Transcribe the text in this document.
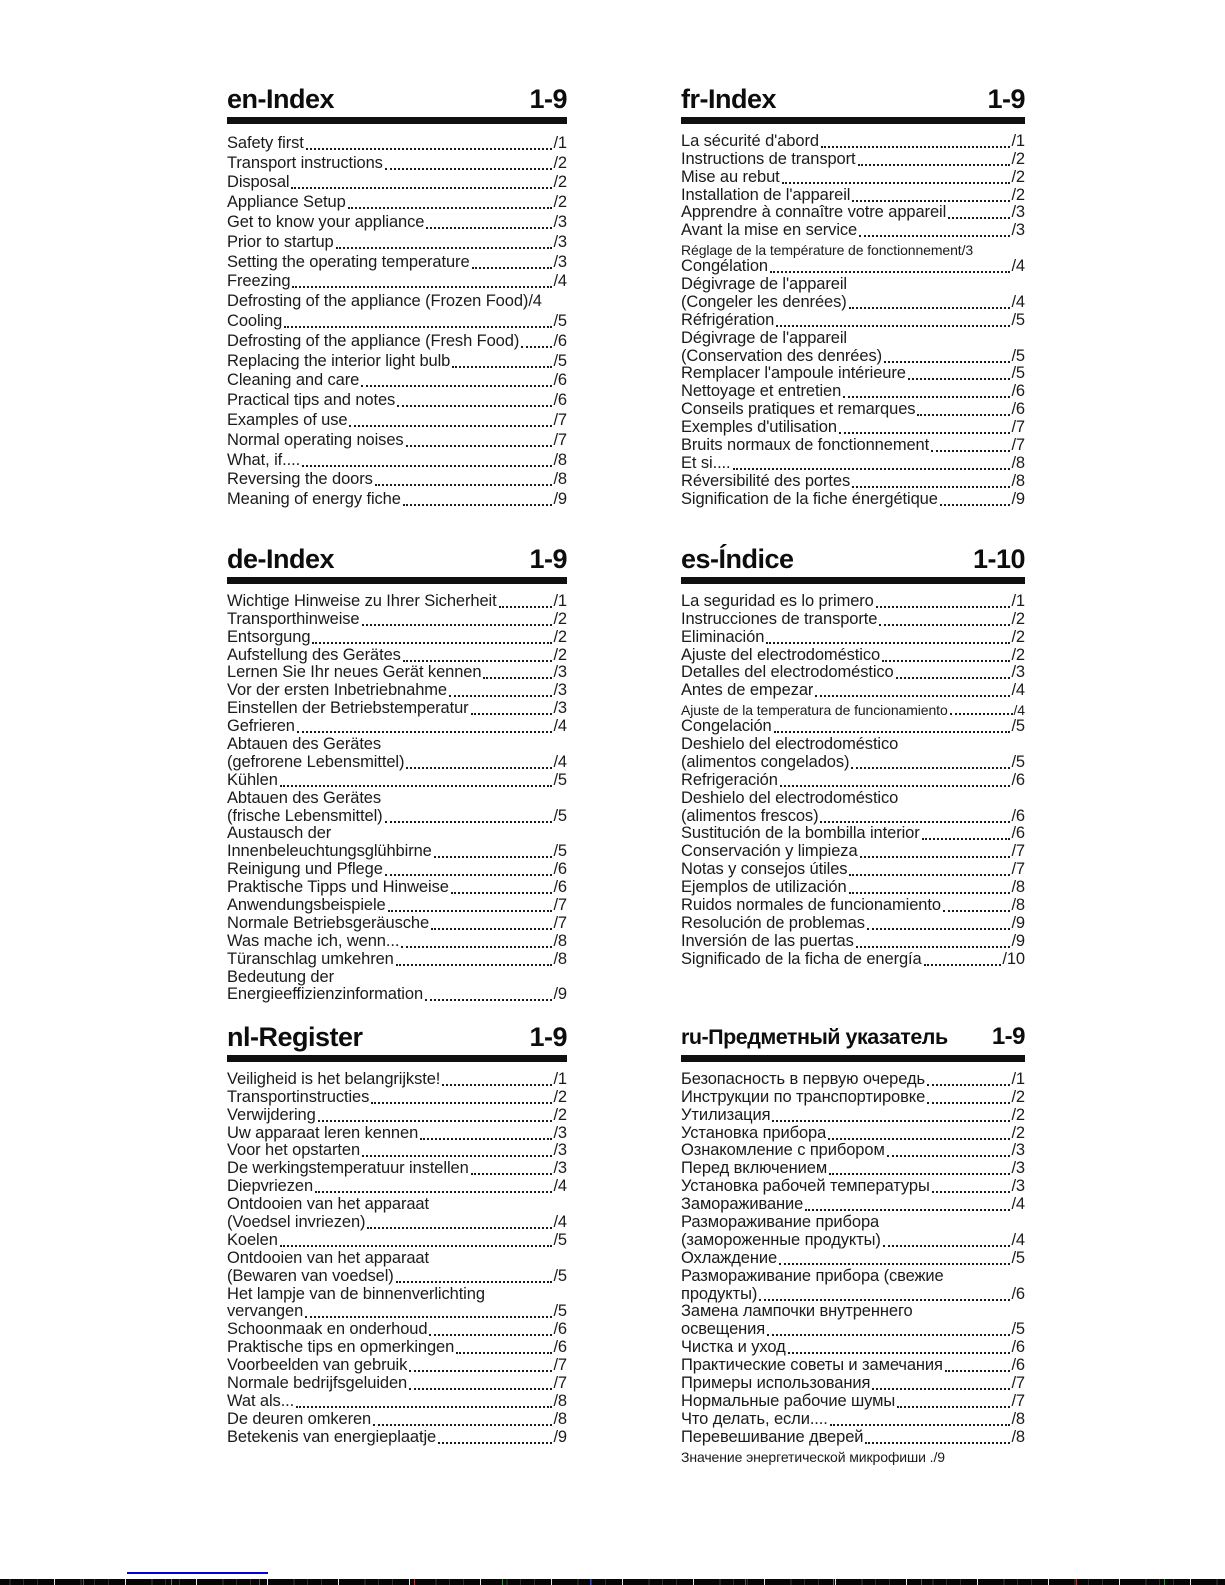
en-Index	1-9
Safety first	/1
Transport instructions	/2
Disposal	/2
Appliance Setup	/2
Get to know your appliance	/3
Prior to startup	/3
Setting the operating temperature	/3
Freezing	/4
Defrosting of the appliance (Frozen Food) /4
Cooling	/5
Defrosting of the appliance (Fresh Food) /6
Replacing the interior light bulb	/5
Cleaning and care	/6
Practical tips and notes	/6
Examples of use	/7
Normal operating noises	/7
What, if....	/8
Reversing the doors	/8
Meaning of energy fiche	/9
fr-Index	1-9
La sécurité d'abord	/1
Instructions de transport	/2
Mise au rebut	/2
Installation de l'appareil	/2
Apprendre à connaître votre appareil	/3
Avant la mise en service	/3
Réglage de la température de fonctionnement /3
Congélation	/4
Dégivrage de l'appareil
(Congeler les denrées)	/4
Réfrigération	/5
Dégivrage de l'appareil
(Conservation des denrées)	/5
Remplacer l'ampoule intérieure	/5
Nettoyage et entretien	/6
Conseils pratiques et remarques	/6
Exemples d'utilisation	/7
Bruits normaux de fonctionnement	/7
Et si....	/8
Réversibilité des portes	/8
Signification de la fiche énergétique	/9
de-Index	1-9
Wichtige Hinweise zu Ihrer Sicherheit	/1
Transporthinweise	/2
Entsorgung	/2
Aufstellung des Gerätes	/2
Lernen Sie Ihr neues Gerät kennen	/3
Vor der ersten Inbetriebnahme	/3
Einstellen der Betriebstemperatur	/3
Gefrieren	/4
Abtauen des Gerätes
(gefrorene Lebensmittel)	/4
Kühlen	/5
Abtauen des Gerätes
(frische Lebensmittel)	/5
Austausch der
Innenbeleuchtungsglühbirne	/5
Reinigung und Pflege	/6
Praktische Tipps und Hinweise	/6
Anwendungsbeispiele	/7
Normale Betriebsgeräusche	/7
Was mache ich, wenn...	/8
Türanschlag umkehren	/8
Bedeutung der
Energieeffizienzinformation	/9
es-Índice	1-10
La seguridad es lo primero	/1
Instrucciones de transporte	/2
Eliminación	/2
Ajuste del electrodoméstico	/2
Detalles del electrodoméstico	/3
Antes de empezar	/4
Ajuste de la temperatura de funcionamiento	/4
Congelación	/5
Deshielo del electrodoméstico
(alimentos congelados)	/5
Refrigeración	/6
Deshielo del electrodoméstico
(alimentos frescos)	/6
Sustitución de la bombilla interior	/6
Conservación y limpieza	/7
Notas y consejos útiles	/7
Ejemplos de utilización	/8
Ruidos normales de funcionamiento	/8
Resolución de problemas	/9
Inversión de las puertas	/9
Significado de la ficha de energía	/10
nl-Register	1-9
Veiligheid is het belangrijkste!	/1
Transportinstructies	/2
Verwijdering	/2
Uw apparaat leren kennen	/3
Voor het opstarten	/3
De werkingstemperatuur instellen	/3
Diepvriezen	/4
Ontdooien van het apparaat
(Voedsel invriezen)	/4
Koelen	/5
Ontdooien van het apparaat
(Bewaren van voedsel)	/5
Het lampje van de binnenverlichting
vervangen	/5
Schoonmaak en onderhoud	/6
Praktische tips en opmerkingen	/6
Voorbeelden van gebruik	/7
Normale bedrijfsgeluiden	/7
Wat als...	/8
De deuren omkeren	/8
Betekenis van energieplaatje	/9
ru-Предметный указатель 1-9
Безопасность в первую очередь	/1
Инструкции по транспортировке	/2
Утилизация	/2
Установка прибора	/2
Ознакомление с прибором	/3
Перед включением	/3
Установка рабочей температуры	/3
Замораживание	/4
Размораживание прибора
(замороженные продукты)	/4
Охлаждение	/5
Размораживание прибора (свежие
продукты)	/6
Замена лампочки внутреннего
освещения	/5
Чистка и уход	/6
Практические советы и замечания	/6
Примеры использования	/7
Нормальные рабочие шумы	/7
Что делать, если....	/8
Перевешивание дверей	/8
Значение энергетической микрофиши . /9
